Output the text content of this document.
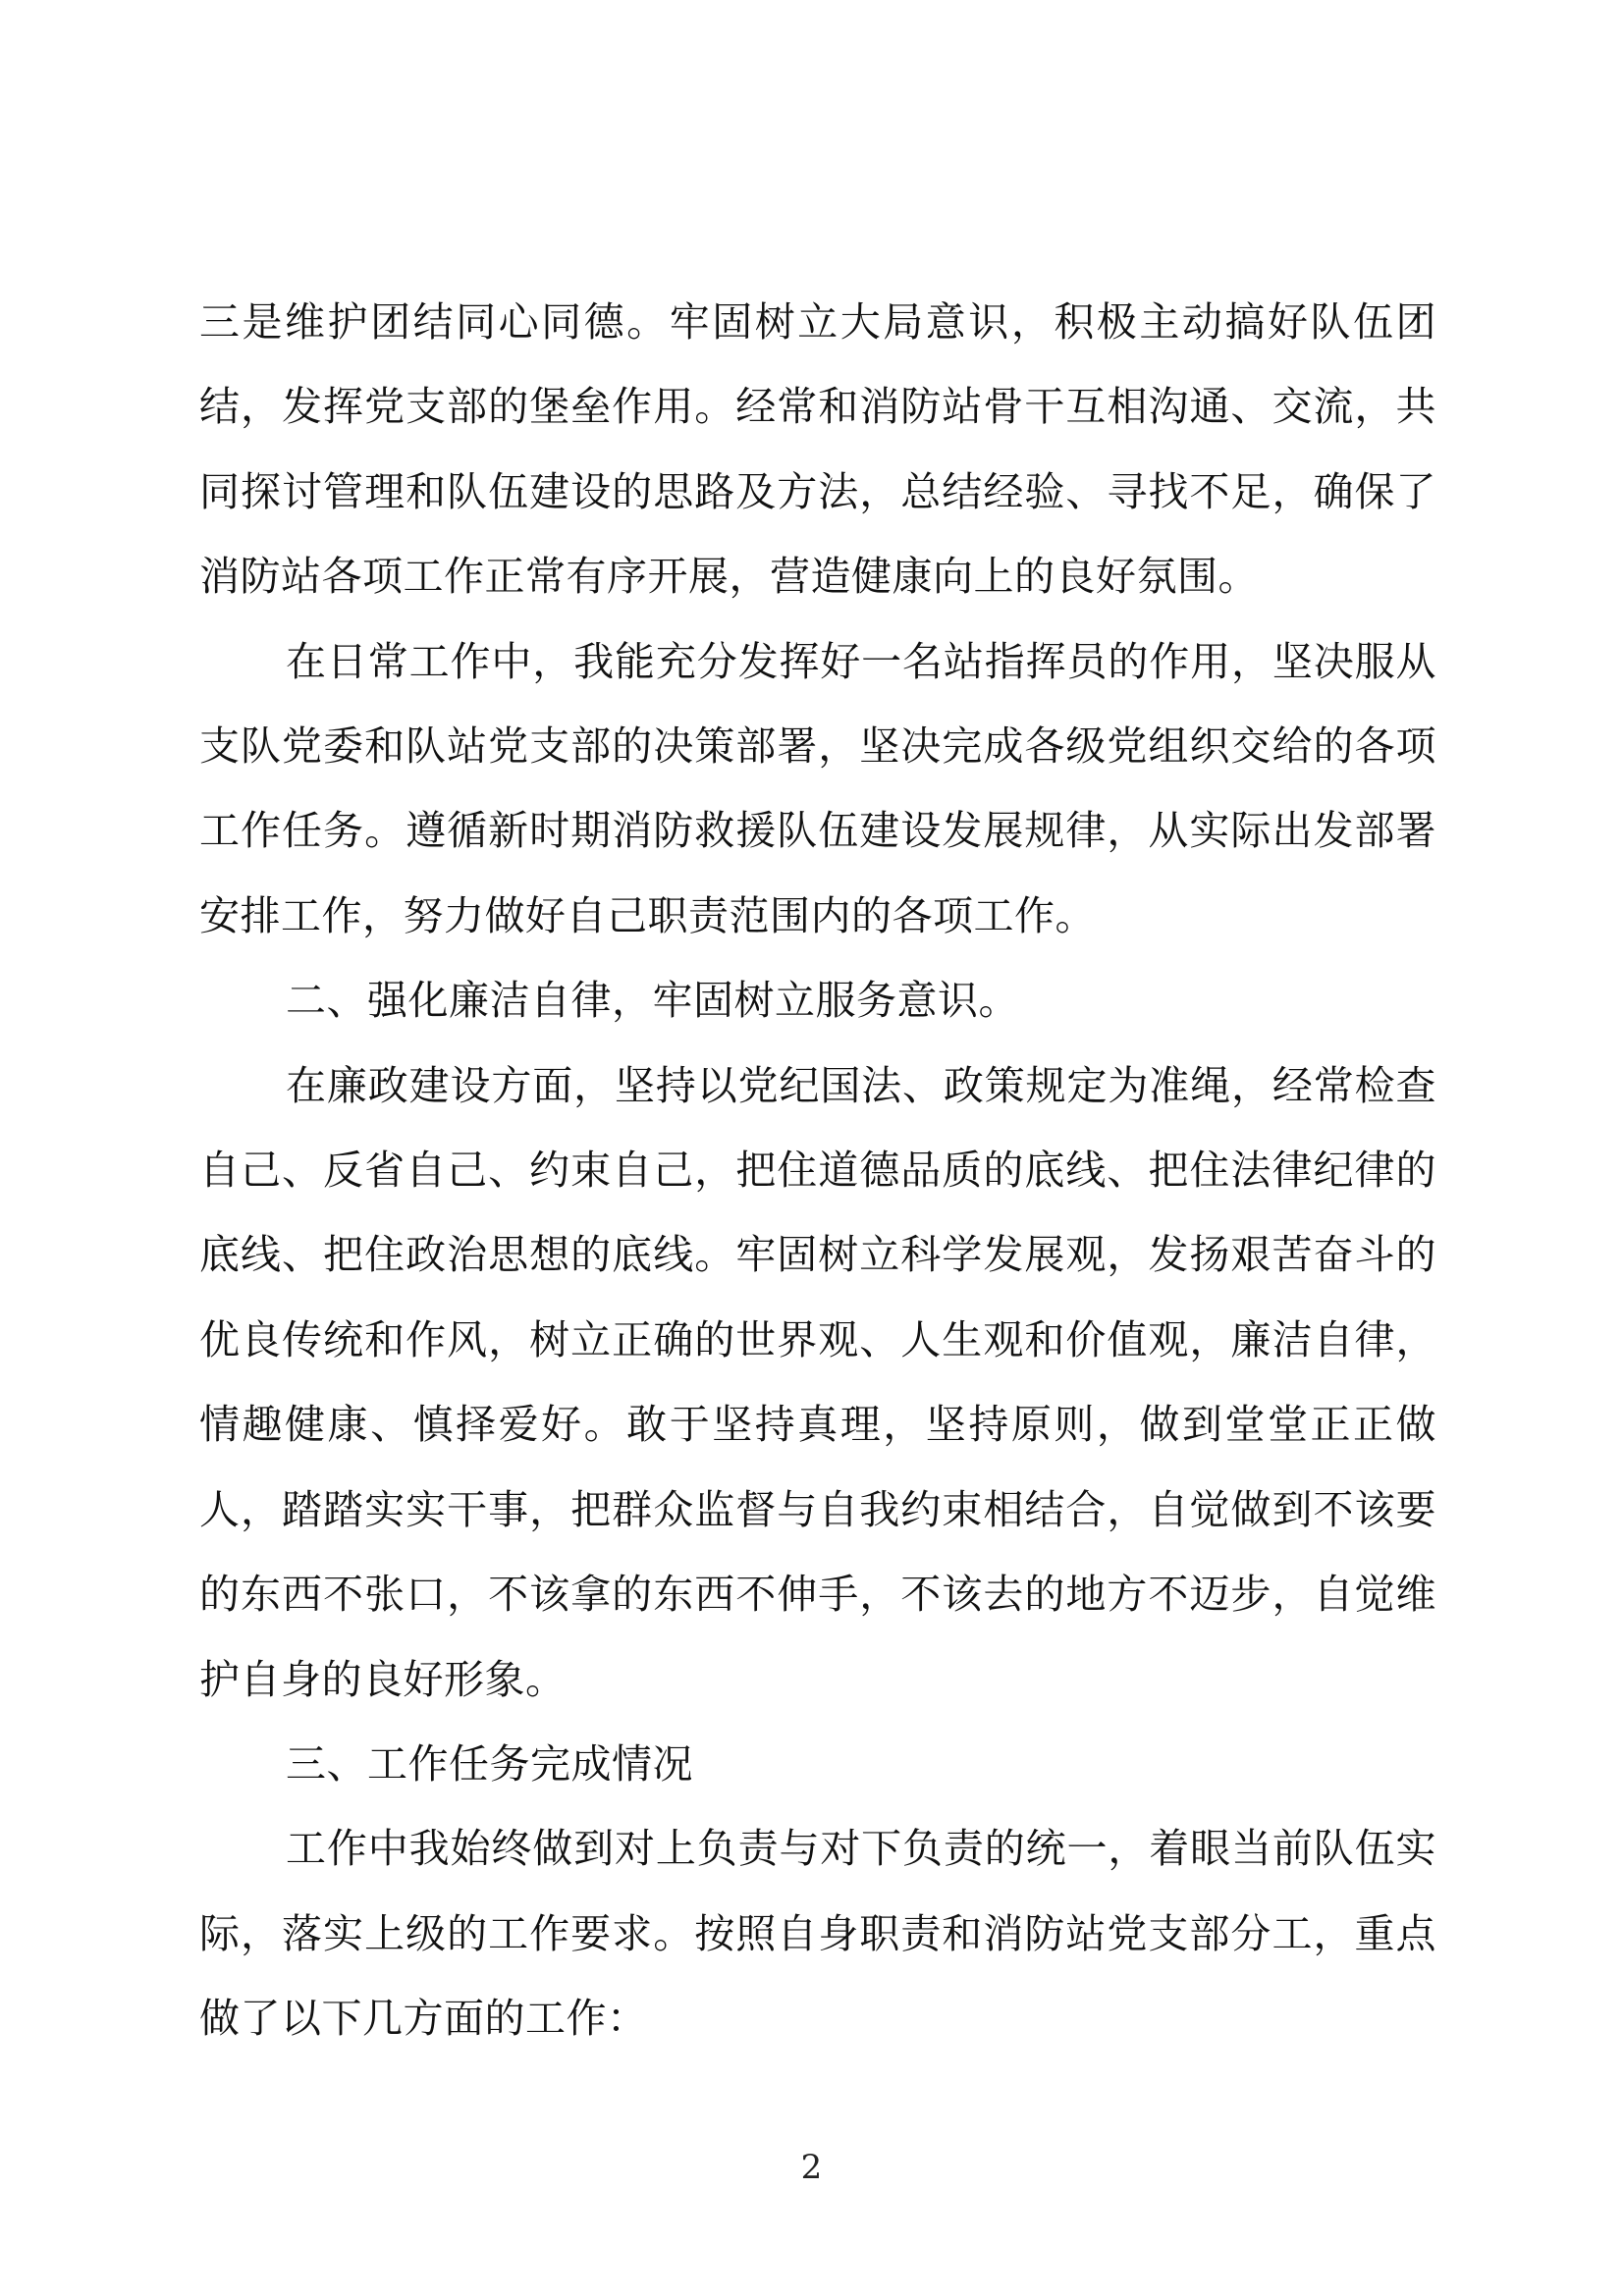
三是维护团结同心同德。牢固树立大局意识，积极主动搞好队伍团结，发挥党支部的堡垒作用。经常和消防站骨干互相沟通、交流，共同探讨管理和队伍建设的思路及方法，总结经验、寻找不足，确保了消防站各项工作正常有序开展，营造健康向上的良好氛围。

在日常工作中，我能充分发挥好一名站指挥员的作用，坚决服从支队党委和队站党支部的决策部署，坚决完成各级党组织交给的各项工作任务。遵循新时期消防救援队伍建设发展规律，从实际出发部署安排工作，努力做好自己职责范围内的各项工作。

二、强化廉洁自律，牢固树立服务意识。

在廉政建设方面，坚持以党纪国法、政策规定为准绳，经常检查自己、反省自己、约束自己，把住道德品质的底线、把住法律纪律的底线、把住政治思想的底线。牢固树立科学发展观，发扬艰苦奋斗的优良传统和作风，树立正确的世界观、人生观和价值观，廉洁自律，情趣健康、慎择爱好。敢于坚持真理，坚持原则，做到堂堂正正做人，踏踏实实干事，把群众监督与自我约束相结合，自觉做到不该要的东西不张口，不该拿的东西不伸手，不该去的地方不迈步，自觉维护自身的良好形象。

三、工作任务完成情况

工作中我始终做到对上负责与对下负责的统一，着眼当前队伍实际，落实上级的工作要求。按照自身职责和消防站党支部分工，重点做了以下几方面的工作：

2
